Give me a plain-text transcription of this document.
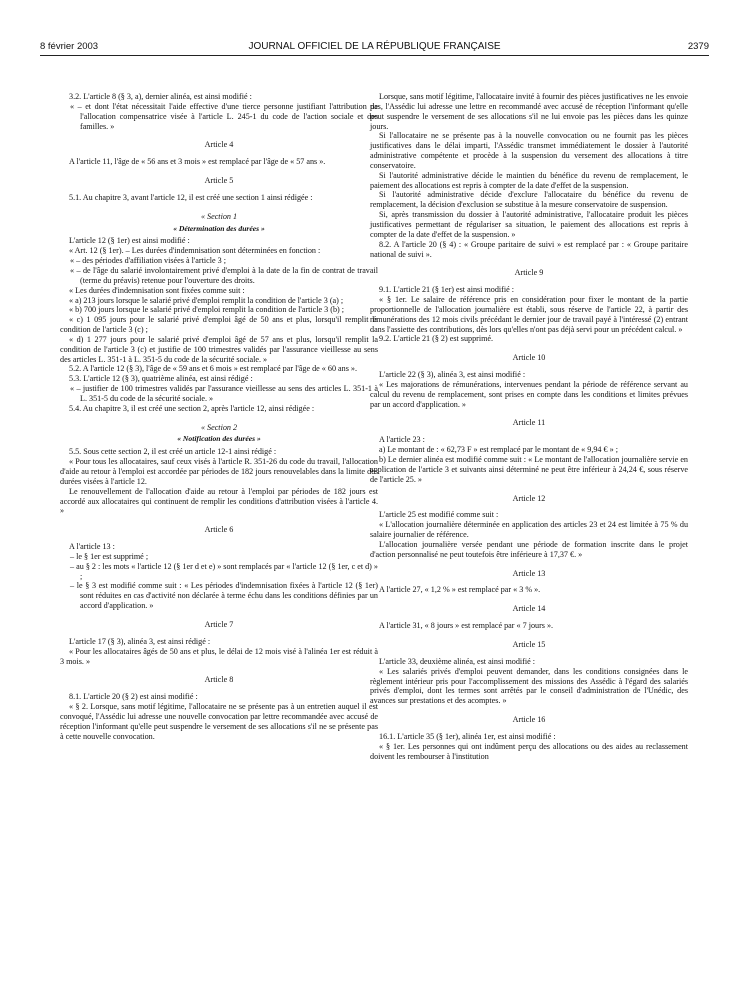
8 février 2003	JOURNAL OFFICIEL DE LA RÉPUBLIQUE FRANÇAISE	2379

3.2. L'article 8 (§ 3, a), dernier alinéa, est ainsi modifié :

« – et dont l'état nécessitait l'aide effective d'une tierce personne justifiant l'attribution de l'allocation compensatrice visée à l'article L. 245-1 du code de l'action sociale et des familles. »

Article 4

A l'article 11, l'âge de « 56 ans et 3 mois » est remplacé par l'âge de « 57 ans ».

Article 5

5.1. Au chapitre 3, avant l'article 12, il est créé une section 1 ainsi rédigée :

« Section 1

« Détermination des durées »

L'article 12 (§ 1er) est ainsi modifié :

« Art. 12 (§ 1er). – Les durées d'indemnisation sont déterminées en fonction :

« – des périodes d'affiliation visées à l'article 3 ;

« – de l'âge du salarié involontairement privé d'emploi à la date de la fin de contrat de travail (terme du préavis) retenue pour l'ouverture des droits.

« Les durées d'indemnisation sont fixées comme suit :

« a) 213 jours lorsque le salarié privé d'emploi remplit la condition de l'article 3 (a) ;

« b) 700 jours lorsque le salarié privé d'emploi remplit la condition de l'article 3 (b) ;

« c) 1 095 jours pour le salarié privé d'emploi âgé de 50 ans et plus, lorsqu'il remplit la condition de l'article 3 (c) ;

« d) 1 277 jours pour le salarié privé d'emploi âgé de 57 ans et plus, lorsqu'il remplit la condition de l'article 3 (c) et justifie de 100 trimestres validés par l'assurance vieillesse au sens des articles L. 351-1 à L. 351-5 du code de la sécurité sociale. »

5.2. A l'article 12 (§ 3), l'âge de « 59 ans et 6 mois » est remplacé par l'âge de « 60 ans ».

5.3. L'article 12 (§ 3), quatrième alinéa, est ainsi rédigé :

« – justifier de 100 trimestres validés par l'assurance vieillesse au sens des articles L. 351-1 à L. 351-5 du code de la sécurité sociale. »

5.4. Au chapitre 3, il est créé une section 2, après l'article 12, ainsi rédigée :

« Section 2

« Notification des durées »

5.5. Sous cette section 2, il est créé un article 12-1 ainsi rédigé :

« Pour tous les allocataires, sauf ceux visés à l'article R. 351-26 du code du travail, l'allocation d'aide au retour à l'emploi est accordée par périodes de 182 jours renouvelables dans la limite des durées visées à l'article 12.

Le renouvellement de l'allocation d'aide au retour à l'emploi par périodes de 182 jours est accordé aux allocataires qui continuent de remplir les conditions d'attribution visées à l'article 4. »

Article 6

A l'article 13 :

– le § 1er est supprimé ;

– au § 2 : les mots « l'article 12 (§ 1er d et e) » sont remplacés par « l'article 12 (§ 1er, c et d) » ;

– le § 3 est modifié comme suit : « Les périodes d'indemnisation fixées à l'article 12 (§ 1er) sont réduites en cas d'activité non déclarée à terme échu dans les conditions définies par un accord d'application. »

Article 7

L'article 17 (§ 3), alinéa 3, est ainsi rédigé :

« Pour les allocataires âgés de 50 ans et plus, le délai de 12 mois visé à l'alinéa 1er est réduit à 3 mois. »

Article 8

8.1. L'article 20 (§ 2) est ainsi modifié :

« § 2. Lorsque, sans motif légitime, l'allocataire ne se présente pas à un entretien auquel il est convoqué, l'Assédic lui adresse une nouvelle convocation par lettre recommandée avec accusé de réception l'informant qu'elle peut suspendre le versement de ses allocations s'il ne se présente pas à cette nouvelle convocation.

Lorsque, sans motif légitime, l'allocataire invité à fournir des pièces justificatives ne les envoie pas, l'Assédic lui adresse une lettre en recommandé avec accusé de réception l'informant qu'elle peut suspendre le versement de ses allocations s'il ne lui envoie pas les pièces dans les quinze jours.

Si l'allocataire ne se présente pas à la nouvelle convocation ou ne fournit pas les pièces justificatives dans le délai imparti, l'Assédic transmet immédiatement le dossier à l'autorité administrative compétente et procède à la suspension du versement des allocations à titre conservatoire.

Si l'autorité administrative décide le maintien du bénéfice du revenu de remplacement, le paiement des allocations est repris à compter de la date d'effet de la suspension.

Si l'autorité administrative décide d'exclure l'allocataire du bénéfice du revenu de remplacement, la décision d'exclusion se substitue à la mesure conservatoire de suspension.

Si, après transmission du dossier à l'autorité administrative, l'allocataire produit les pièces justificatives permettant de régulariser sa situation, le paiement des allocations est repris à compter de la date d'effet de la suspension. »

8.2. A l'article 20 (§ 4) : « Groupe paritaire de suivi » est remplacé par : « Groupe paritaire national de suivi ».

Article 9

9.1. L'article 21 (§ 1er) est ainsi modifié :

« § 1er. Le salaire de référence pris en considération pour fixer le montant de la partie proportionnelle de l'allocation journalière est établi, sous réserve de l'article 22, à partir des rémunérations des 12 mois civils précédant le dernier jour de travail payé à l'intéressé (2) entrant dans l'assiette des contributions, dès lors qu'elles n'ont pas déjà servi pour un précédent calcul. »

9.2. L'article 21 (§ 2) est supprimé.

Article 10

L'article 22 (§ 3), alinéa 3, est ainsi modifié :

« Les majorations de rémunérations, intervenues pendant la période de référence servant au calcul du revenu de remplacement, sont prises en compte dans les conditions et limites prévues par un accord d'application. »

Article 11

A l'article 23 :

a) Le montant de : « 62,73 F » est remplacé par le montant de « 9,94 € » ;

b) Le dernier alinéa est modifié comme suit : « Le montant de l'allocation journalière servie en application de l'article 3 et suivants ainsi déterminé ne peut être inférieur à 24,24 €, sous réserve de l'article 25. »

Article 12

L'article 25 est modifié comme suit :

« L'allocation journalière déterminée en application des articles 23 et 24 est limitée à 75 % du salaire journalier de référence.

L'allocation journalière versée pendant une période de formation inscrite dans le projet d'action personnalisé ne peut toutefois être inférieure à 17,37 €. »

Article 13

A l'article 27, « 1,2 % » est remplacé par « 3 % ».

Article 14

A l'article 31, « 8 jours » est remplacé par « 7 jours ».

Article 15

L'article 33, deuxième alinéa, est ainsi modifié :

« Les salariés privés d'emploi peuvent demander, dans les conditions consignées dans le règlement intérieur pris pour l'accomplissement des missions des Assédic à l'égard des salariés privés d'emploi, dont les termes sont arrêtés par le conseil d'administration de l'Unédic, des avances sur prestations et des acomptes. »

Article 16

16.1. L'article 35 (§ 1er), alinéa 1er, est ainsi modifié :

« § 1er. Les personnes qui ont indûment perçu des allocations ou des aides au reclassement doivent les rembourser à l'institution
